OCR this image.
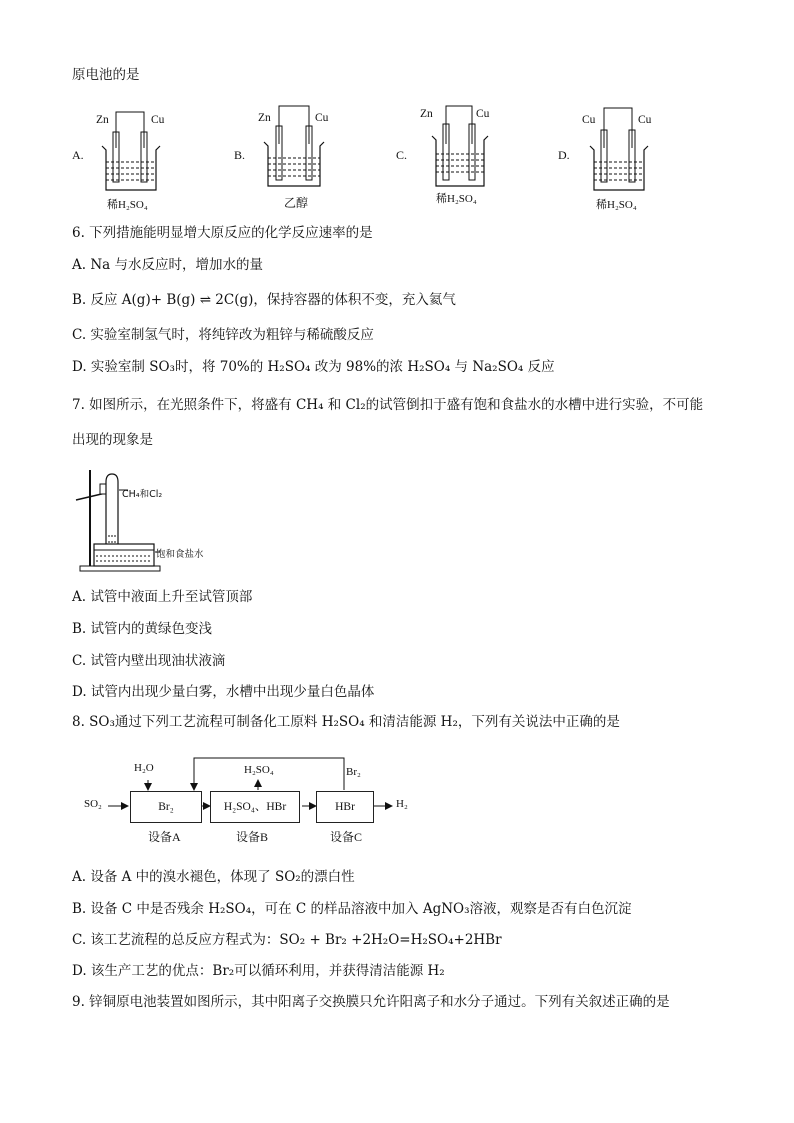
原电池的是
A.
Zn	Cu
稀H₂SO₄
B.
Zn	Cu
乙醇
C.
Zn	Cu
稀H₂SO₄
D.
Cu	Cu
稀H₂SO₄
6. 下列措施能明显增大原反应的化学反应速率的是
A. Na 与水反应时，增加水的量
B. 反应 A(g)+ B(g) ⇌ 2C(g)，保持容器的体积不变，充入氦气
C. 实验室制氢气时，将纯锌改为粗锌与稀硫酸反应
D. 实验室制 SO₃时，将 70%的 H₂SO₄ 改为 98%的浓 H₂SO₄ 与 Na₂SO₄ 反应
7. 如图所示，在光照条件下，将盛有 CH₄ 和 Cl₂的试管倒扣于盛有饱和食盐水的水槽中进行实验，不可能
出现的现象是
CH₄和Cl₂
饱和食盐水
A. 试管中液面上升至试管顶部
B. 试管内的黄绿色变浅
C. 试管内壁出现油状液滴
D. 试管内出现少量白雾，水槽中出现少量白色晶体
8. SO₃通过下列工艺流程可制备化工原料 H₂SO₄ 和清洁能源 H₂，下列有关说法中正确的是
SO₂
H₂O
Br₂	H₂SO₄、HBr	HBr
H₂SO₄	Br₂
H₂
设备A	设备B	设备C
A. 设备 A 中的溴水褪色，体现了 SO₂的漂白性
B. 设备 C 中是否残余 H₂SO₄，可在 C 的样品溶液中加入 AgNO₃溶液，观察是否有白色沉淀
C. 该工艺流程的总反应方程式为：SO₂ + Br₂ +2H₂O=H₂SO₄+2HBr
D. 该生产工艺的优点：Br₂可以循环利用，并获得清洁能源 H₂
9. 锌铜原电池装置如图所示，其中阳离子交换膜只允许阳离子和水分子通过。下列有关叙述正确的是
